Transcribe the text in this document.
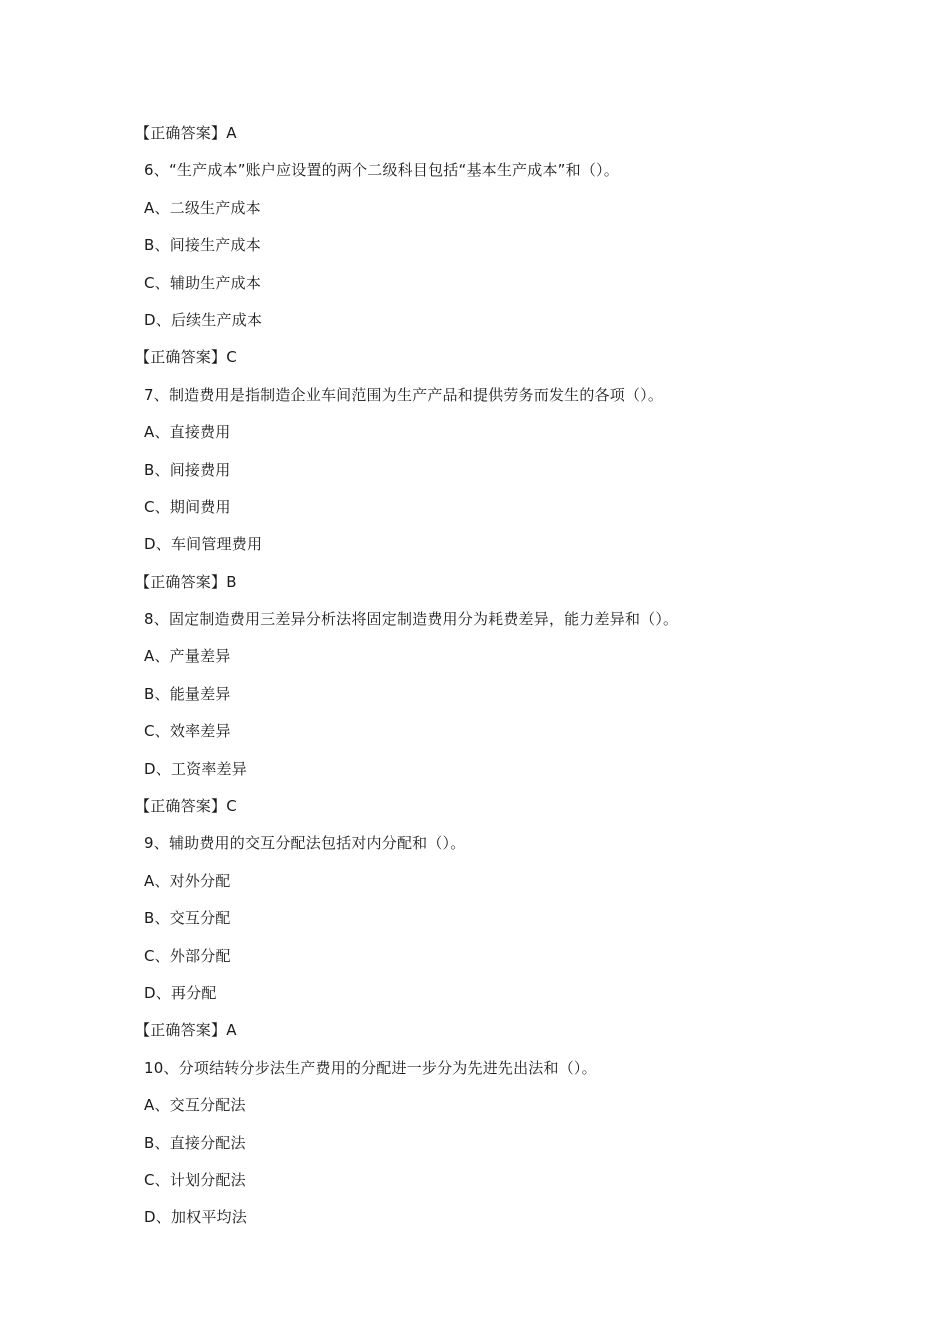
【正确答案】A
6、“生产成本”账户应设置的两个二级科目包括“基本生产成本”和（）。
A、二级生产成本
B、间接生产成本
C、辅助生产成本
D、后续生产成本
【正确答案】C
7、制造费用是指制造企业车间范围为生产产品和提供劳务而发生的各项（）。
A、直接费用
B、间接费用
C、期间费用
D、车间管理费用
【正确答案】B
8、固定制造费用三差异分析法将固定制造费用分为耗费差异，能力差异和（）。
A、产量差异
B、能量差异
C、效率差异
D、工资率差异
【正确答案】C
9、辅助费用的交互分配法包括对内分配和（）。
A、对外分配
B、交互分配
C、外部分配
D、再分配
【正确答案】A
10、分项结转分步法生产费用的分配进一步分为先进先出法和（）。
A、交互分配法
B、直接分配法
C、计划分配法
D、加权平均法
